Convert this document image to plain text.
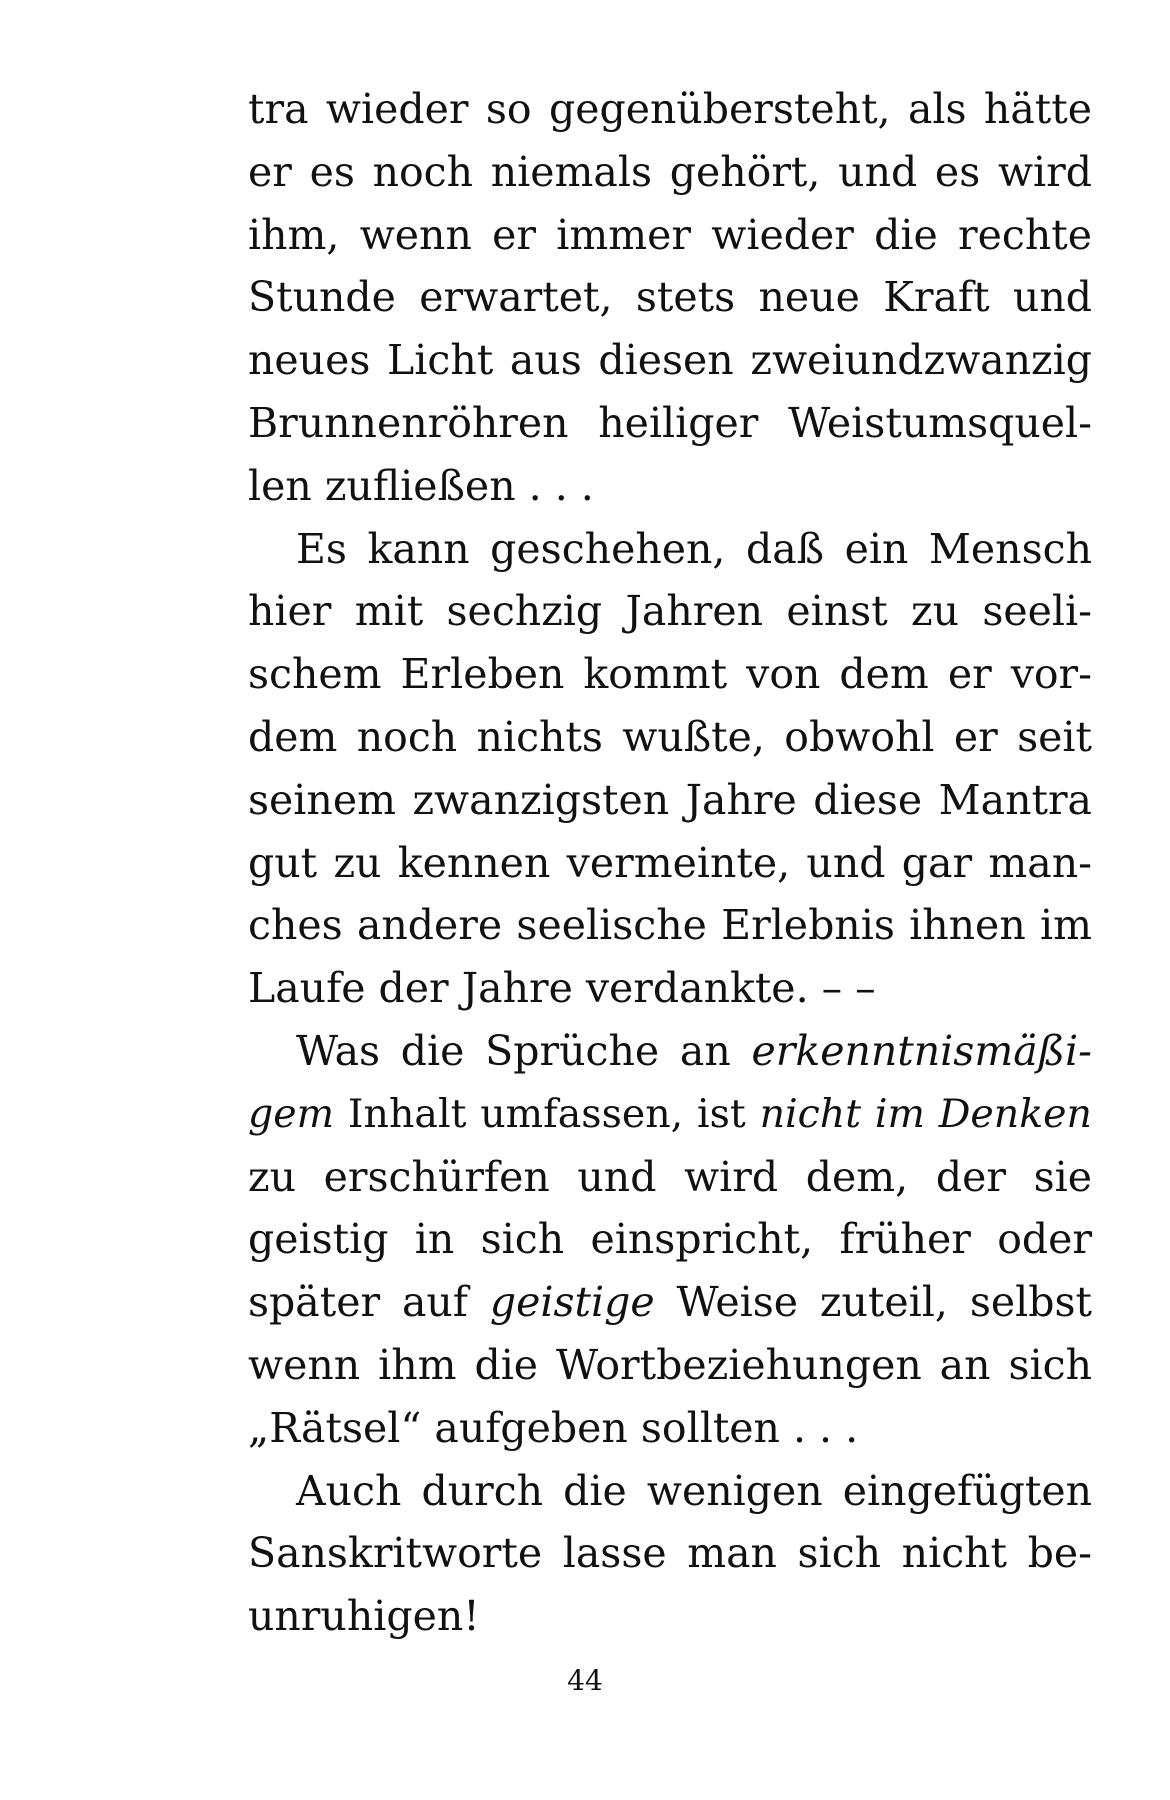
tra wieder so gegenübersteht, als hätte
er es noch niemals gehört, und es wird
ihm, wenn er immer wieder die rechte
Stunde erwartet, stets neue Kraft und
neues Licht aus diesen zweiundzwanzig
Brunnenröhren heiliger Weistumsquel-
len zufließen . . .
Es kann geschehen, daß ein Mensch
hier mit sechzig Jahren einst zu seeli-
schem Erleben kommt von dem er vor-
dem noch nichts wußte, obwohl er seit
seinem zwanzigsten Jahre diese Mantra
gut zu kennen vermeinte, und gar man-
ches andere seelische Erlebnis ihnen im
Laufe der Jahre verdankte. – –
Was die Sprüche an erkenntnismäßi-
gem Inhalt umfassen, ist nicht im Denken
zu erschürfen und wird dem, der sie
geistig in sich einspricht, früher oder
später auf geistige Weise zuteil, selbst
wenn ihm die Wortbeziehungen an sich
„Rätsel“ aufgeben sollten . . .
Auch durch die wenigen eingefügten
Sanskritworte lasse man sich nicht be-
unruhigen!
44
